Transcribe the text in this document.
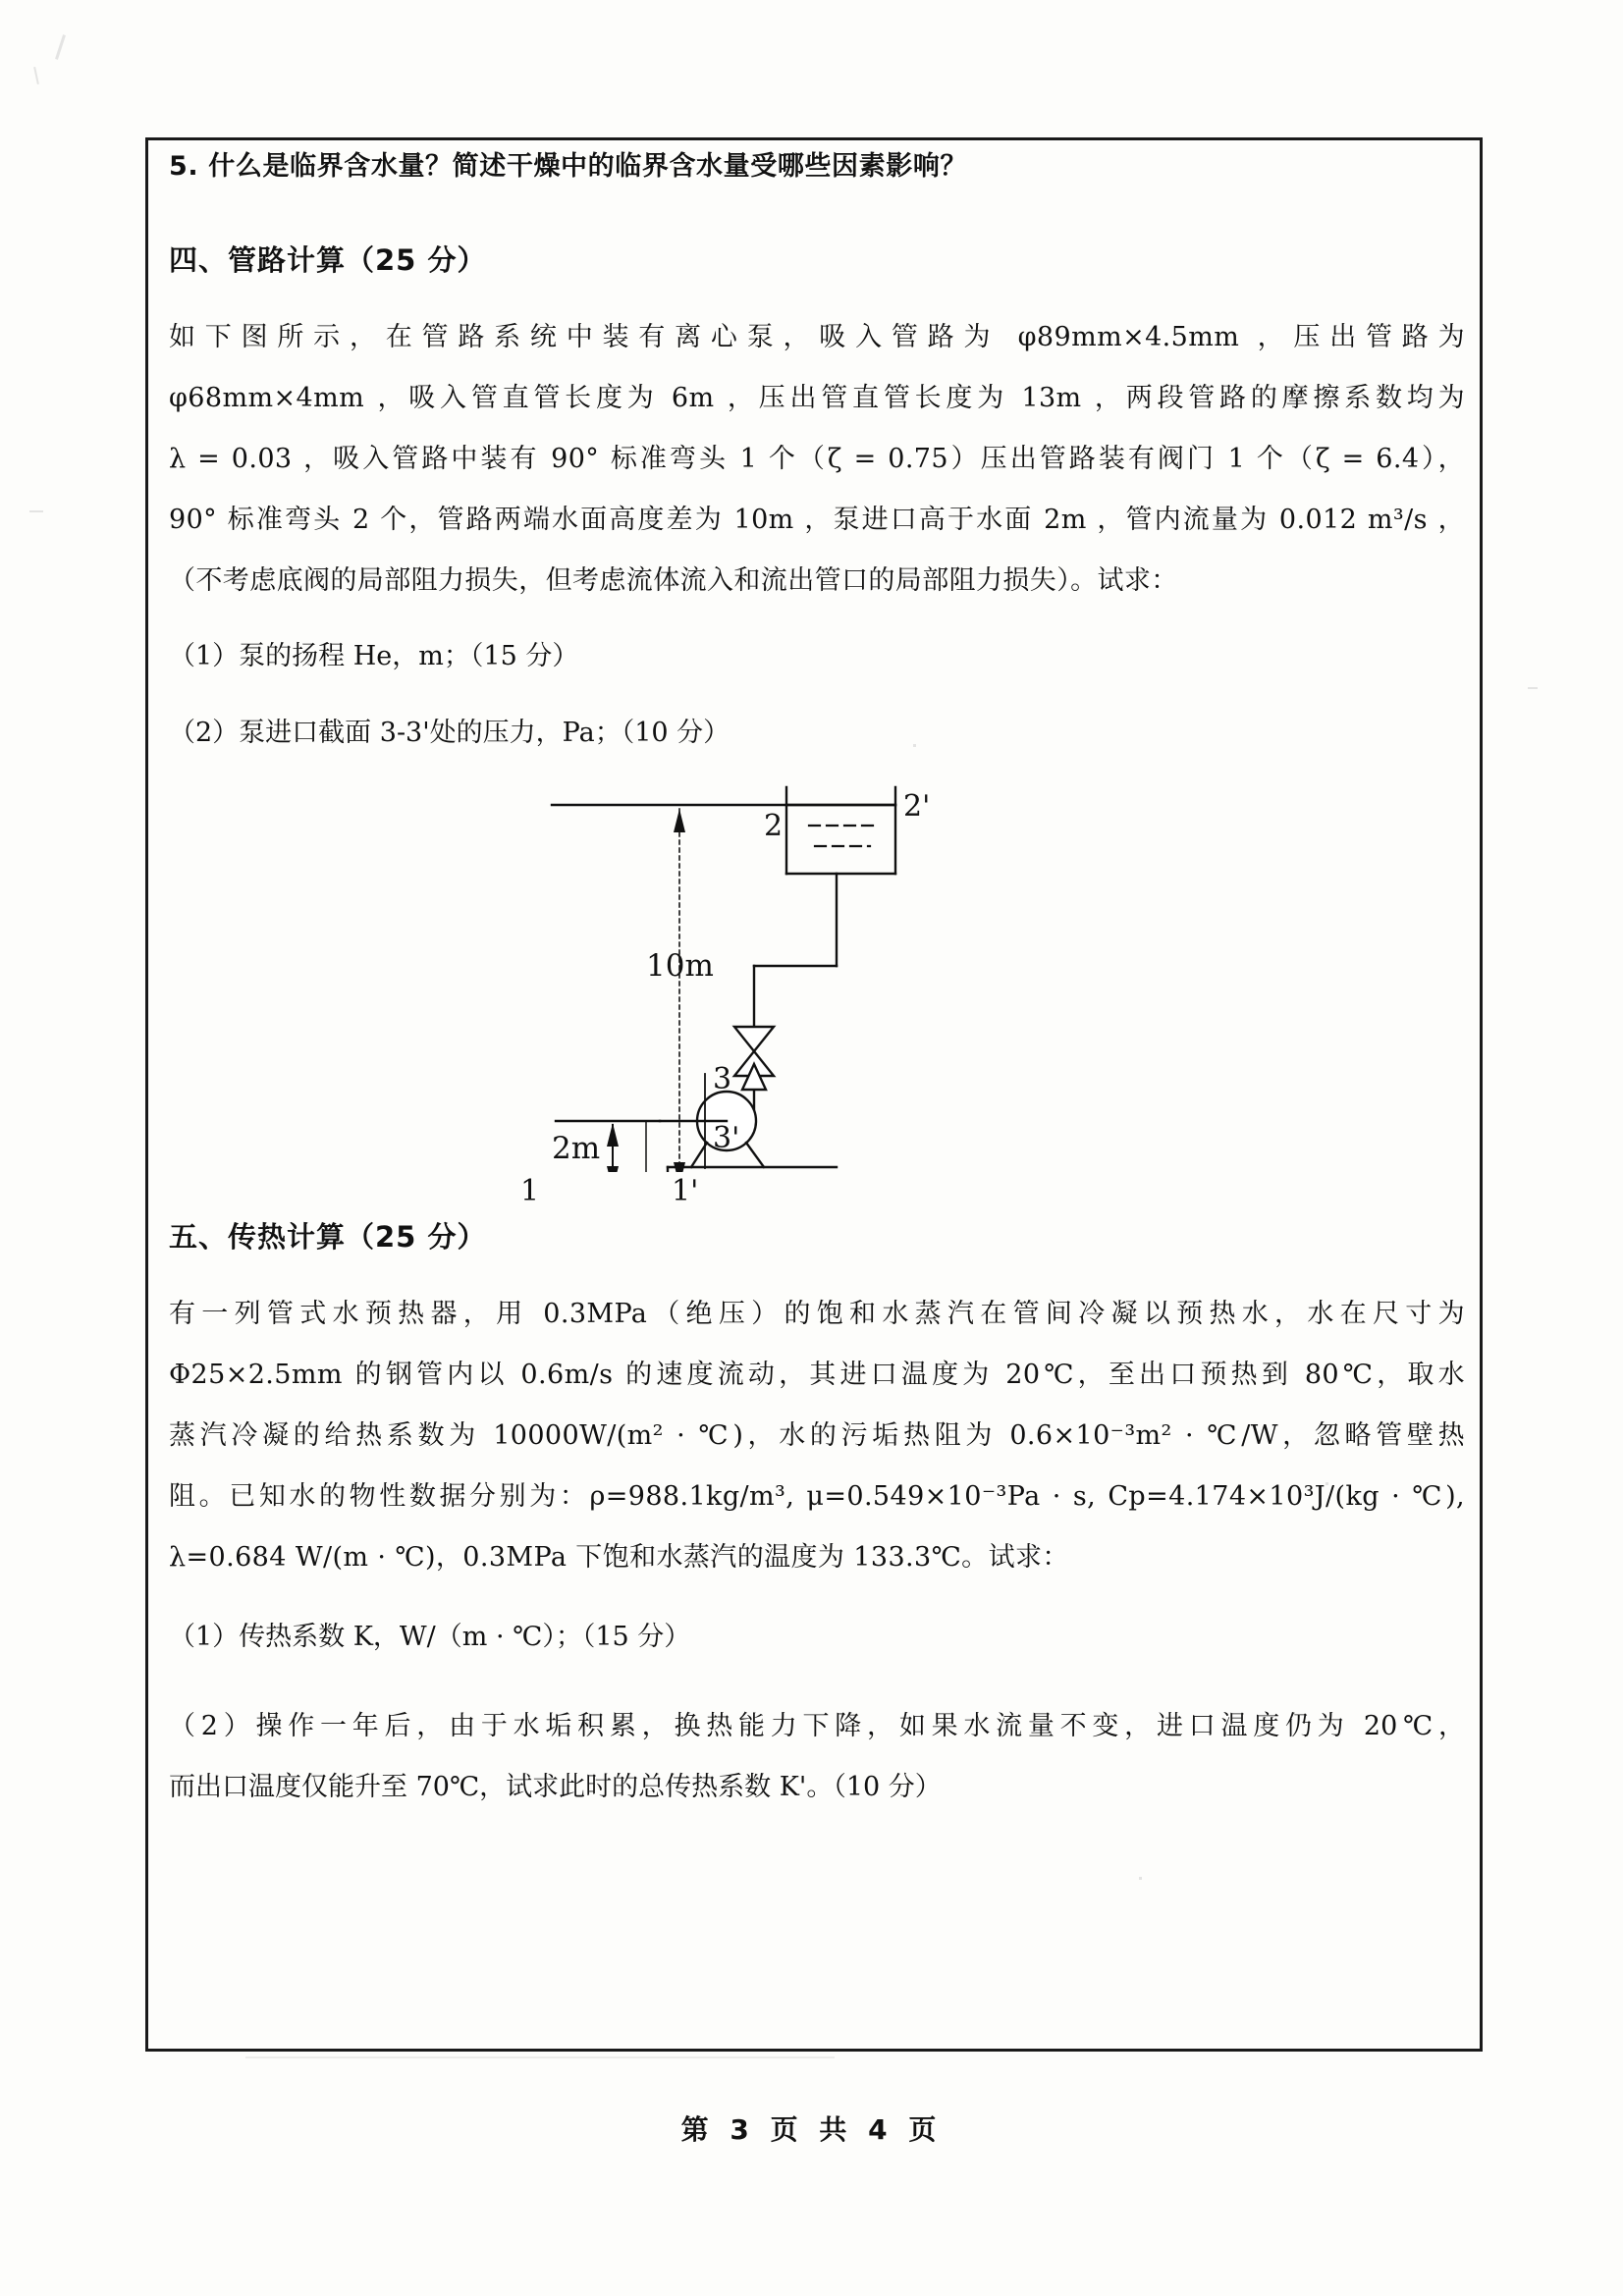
5. 什么是临界含水量？简述干燥中的临界含水量受哪些因素影响？

四、管路计算（25 分）

如下图所示，在管路系统中装有离心泵，吸入管路为 φ89mm×4.5mm ，压出管路为
φ68mm×4mm ，吸入管直管长度为 6m ，压出管直管长度为 13m ，两段管路的摩擦系数均为
λ = 0.03 ，吸入管路中装有 90° 标准弯头 1 个（ζ = 0.75）压出管路装有阀门 1 个（ζ = 6.4），
90° 标准弯头 2 个，管路两端水面高度差为 10m ，泵进口高于水面 2m ，管内流量为 0.012 m³/s ，
（不考虑底阀的局部阻力损失，但考虑流体流入和流出管口的局部阻力损失）。试求：
（1）泵的扬程 He，m；（15 分）
（2）泵进口截面 3-3'处的压力，Pa；（10 分）
2
2'
10m
2m
3
3'
1	1'

五、传热计算（25 分）

有一列管式水预热器，用 0.3MPa（绝压）的饱和水蒸汽在管间冷凝以预热水，水在尺寸为
Φ25×2.5mm 的钢管内以 0.6m/s 的速度流动，其进口温度为 20℃，至出口预热到 80℃，取水
蒸汽冷凝的给热系数为 10000W/(m² · ℃)，水的污垢热阻为 0.6×10⁻³m² · ℃/W，忽略管壁热
阻。已知水的物性数据分别为：ρ=988.1kg/m³, μ=0.549×10⁻³Pa · s, Cp=4.174×10³J/(kg · ℃),
λ=0.684 W/(m · ℃)，0.3MPa 下饱和水蒸汽的温度为 133.3℃。试求：
（1）传热系数 K，W/（m · ℃）；（15 分）
（2）操作一年后，由于水垢积累，换热能力下降，如果水流量不变，进口温度仍为 20℃，
而出口温度仅能升至 70℃，试求此时的总传热系数 K'。（10 分）
第 3 页 共 4 页
